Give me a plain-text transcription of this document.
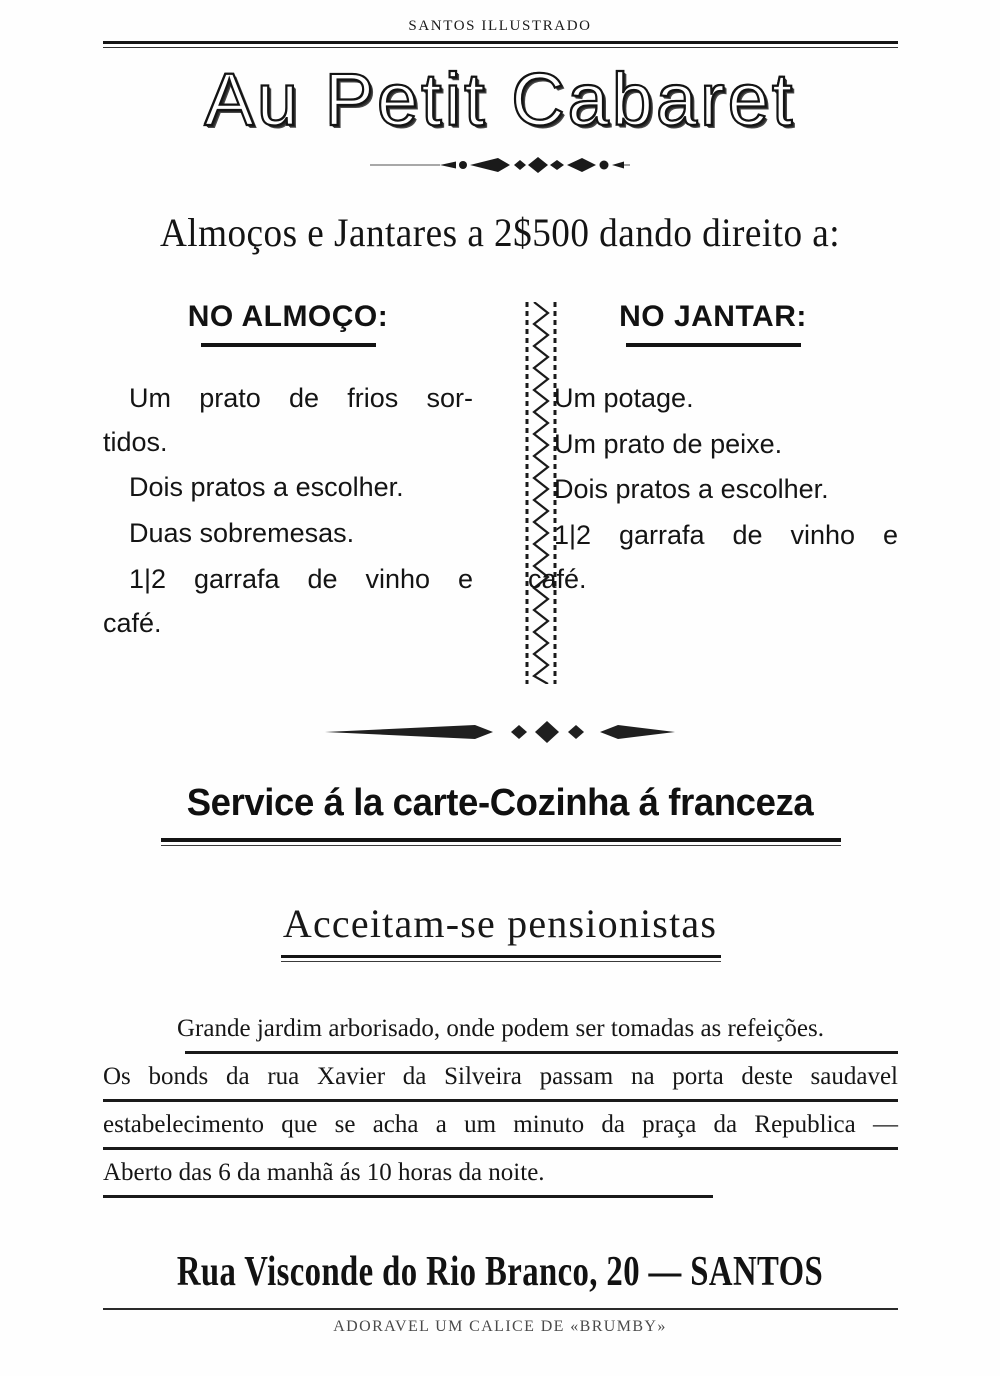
SANTOS ILLUSTRADO
Au Petit Cabaret
Almoços e Jantares a 2$500 dando direito a:
NO ALMOÇO:
Um prato de frios sor-
tidos.
Dois pratos a escolher.
Duas sobremesas.
1|2 garrafa de vinho e
café.
NO JANTAR:
Um potage.
Um prato de peixe.
Dois pratos a escolher.
1|2 garrafa de vinho e
café.
Service á la carte-Cozinha á franceza
Acceitam-se pensionistas
Grande jardim arborisado, onde podem ser tomadas as refeições.
Os bonds da rua Xavier da Silveira passam na porta deste saudavel
estabelecimento que se acha a um minuto da praça da Republica —
Aberto das 6 da manhã ás 10 horas da noite.
Rua Visconde do Rio Branco, 20 — SANTOS
ADORAVEL UM CALICE DE «BRUMBY»
